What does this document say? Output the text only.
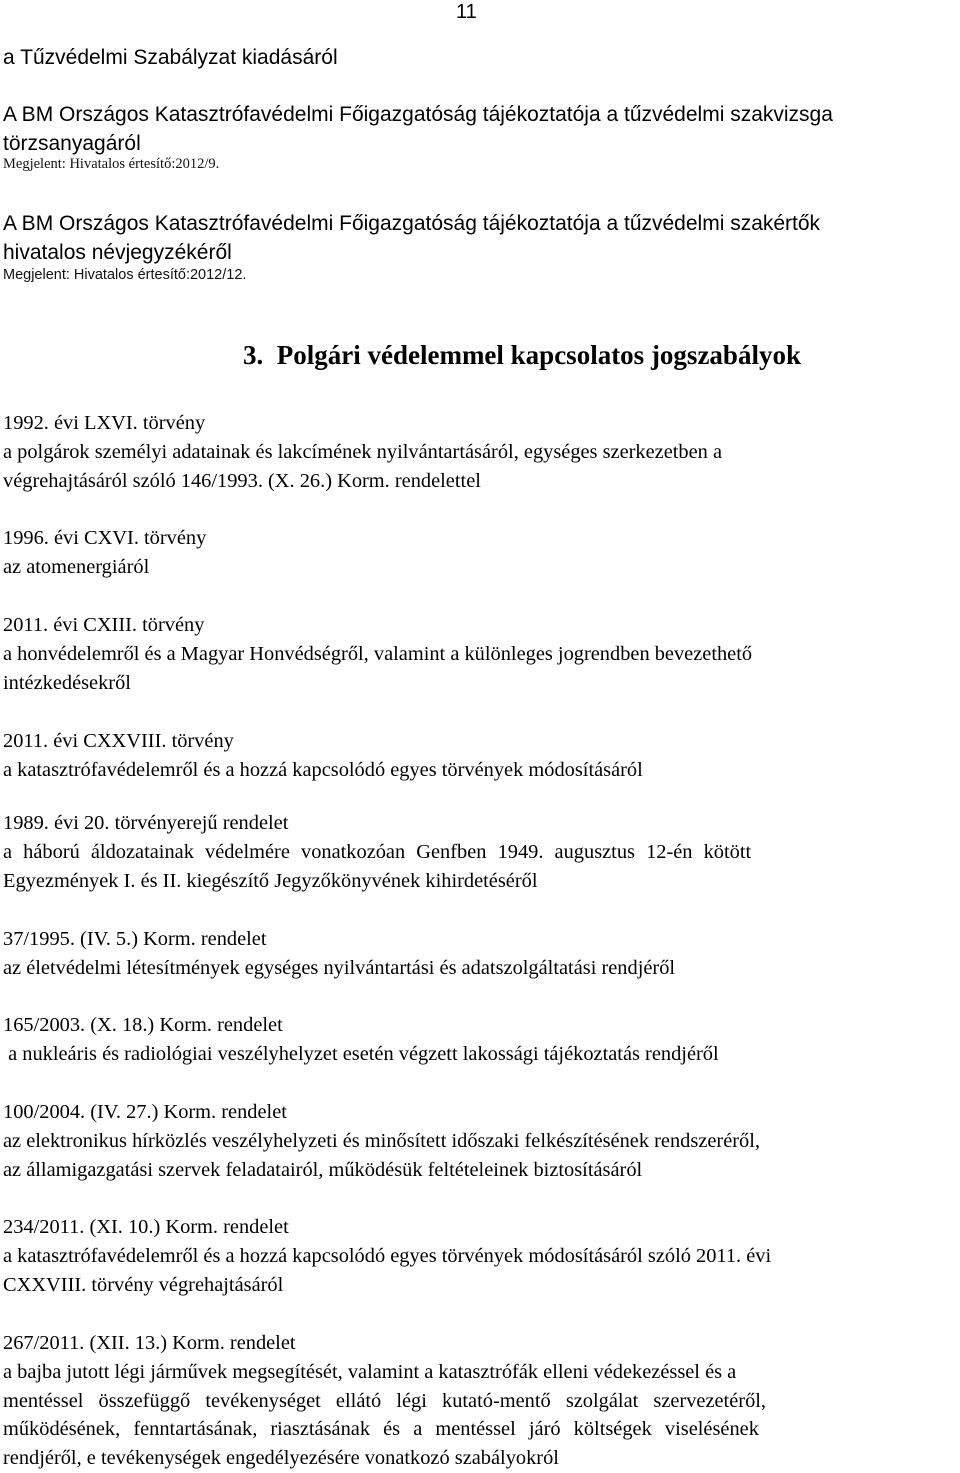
11
a Tűzvédelmi Szabályzat kiadásáról
A BM Országos Katasztrófavédelmi Főigazgatóság tájékoztatója a tűzvédelmi szakvizsga
törzsanyagáról
Megjelent: Hivatalos értesítő:2012/9.
A BM Országos Katasztrófavédelmi Főigazgatóság tájékoztatója a tűzvédelmi szakértők
hivatalos névjegyzékéről
Megjelent: Hivatalos értesítő:2012/12.
3. Polgári védelemmel kapcsolatos jogszabályok
1992. évi LXVI. törvény
a polgárok személyi adatainak és lakcímének nyilvántartásáról, egységes szerkezetben a
végrehajtásáról szóló 146/1993. (X. 26.) Korm. rendelettel
1996. évi CXVI. törvény
az atomenergiáról
2011. évi CXIII. törvény
a honvédelemről és a Magyar Honvédségről, valamint a különleges jogrendben bevezethető
intézkedésekről
2011. évi CXXVIII. törvény
a katasztrófavédelemről és a hozzá kapcsolódó egyes törvények módosításáról
1989. évi 20. törvényerejű rendelet
a háború áldozatainak védelmére vonatkozóan Genfben 1949. augusztus 12-én kötött
Egyezmények I. és II. kiegészítő Jegyzőkönyvének kihirdetéséről
37/1995. (IV. 5.) Korm. rendelet
az életvédelmi létesítmények egységes nyilvántartási és adatszolgáltatási rendjéről
165/2003. (X. 18.) Korm. rendelet
a nukleáris és radiológiai veszélyhelyzet esetén végzett lakossági tájékoztatás rendjéről
100/2004. (IV. 27.) Korm. rendelet
az elektronikus hírközlés veszélyhelyzeti és minősített időszaki felkészítésének rendszeréről,
az államigazgatási szervek feladatairól, működésük feltételeinek biztosításáról
234/2011. (XI. 10.) Korm. rendelet
a katasztrófavédelemről és a hozzá kapcsolódó egyes törvények módosításáról szóló 2011. évi
CXXVIII. törvény végrehajtásáról
267/2011. (XII. 13.) Korm. rendelet
a bajba jutott légi járművek megsegítését, valamint a katasztrófák elleni védekezéssel és a
mentéssel összefüggő tevékenységet ellátó légi kutató-mentő szolgálat szervezetéről,
működésének, fenntartásának, riasztásának és a mentéssel járó költségek viselésének
rendjéről, e tevékenységek engedélyezésére vonatkozó szabályokról
